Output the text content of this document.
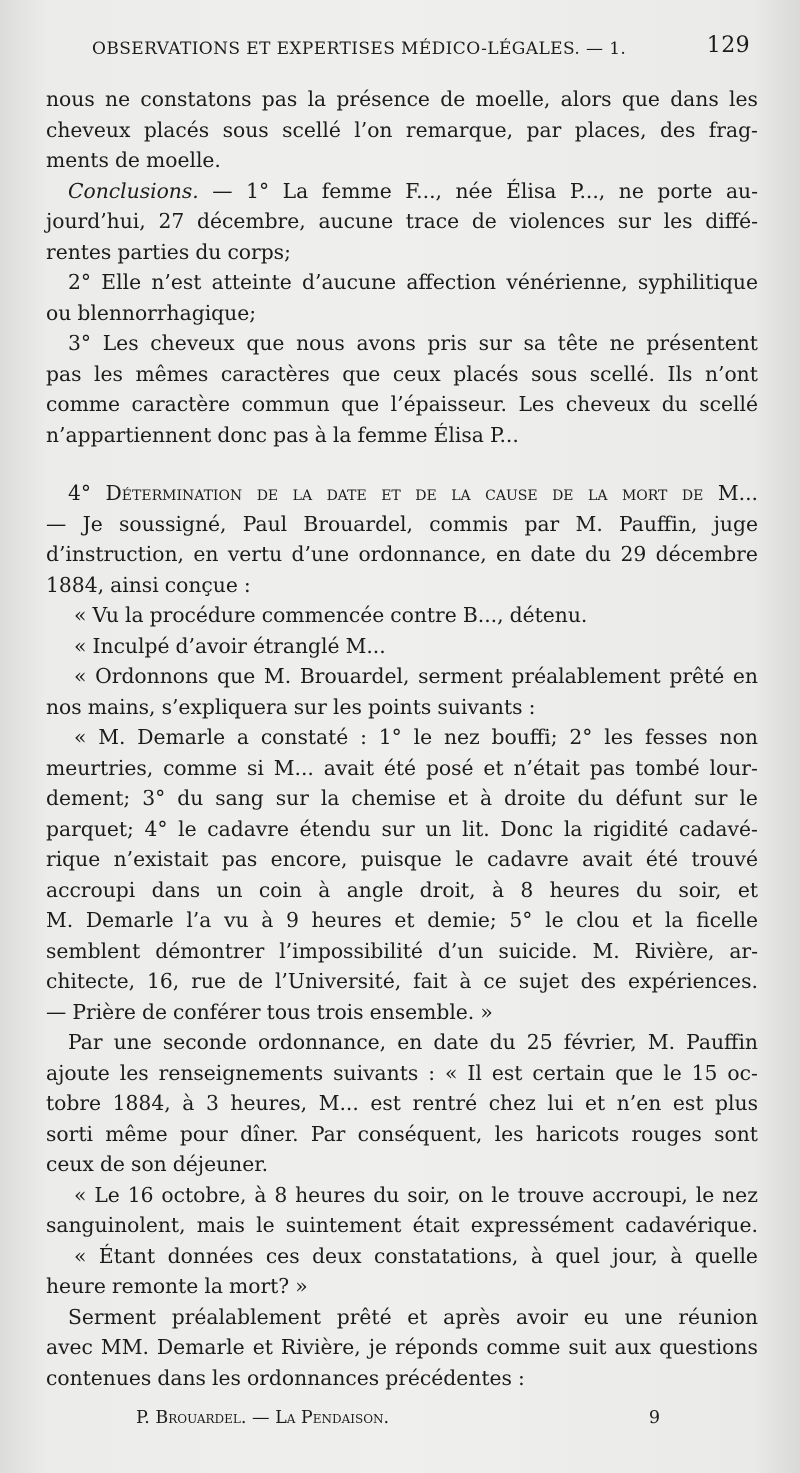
OBSERVATIONS ET EXPERTISES MÉDICO-LÉGALES. — 1.	129
nous ne constatons pas la présence de moelle, alors que dans les
cheveux placés sous scellé l’on remarque, par places, des frag-
ments de moelle.
Conclusions. — 1° La femme F..., née Élisa P..., ne porte au-
jourd’hui, 27 décembre, aucune trace de violences sur les diffé-
rentes parties du corps;
2° Elle n’est atteinte d’aucune affection vénérienne, syphilitique
ou blennorrhagique;
3° Les cheveux que nous avons pris sur sa tête ne présentent
pas les mêmes caractères que ceux placés sous scellé. Ils n’ont
comme caractère commun que l’épaisseur. Les cheveux du scellé
n’appartiennent donc pas à la femme Élisa P...
4° Détermination de la date et de la cause de la mort de M...
— Je soussigné, Paul Brouardel, commis par M. Pauffin, juge
d’instruction, en vertu d’une ordonnance, en date du 29 décembre
1884, ainsi conçue :
« Vu la procédure commencée contre B..., détenu.
« Inculpé d’avoir étranglé M...
« Ordonnons que M. Brouardel, serment préalablement prêté en
nos mains, s’expliquera sur les points suivants :
« M. Demarle a constaté : 1° le nez bouffi; 2° les fesses non
meurtries, comme si M... avait été posé et n’était pas tombé lour-
dement; 3° du sang sur la chemise et à droite du défunt sur le
parquet; 4° le cadavre étendu sur un lit. Donc la rigidité cadavé-
rique n’existait pas encore, puisque le cadavre avait été trouvé
accroupi dans un coin à angle droit, à 8 heures du soir, et
M. Demarle l’a vu à 9 heures et demie; 5° le clou et la ficelle
semblent démontrer l’impossibilité d’un suicide. M. Rivière, ar-
chitecte, 16, rue de l’Université, fait à ce sujet des expériences.
— Prière de conférer tous trois ensemble. »
Par une seconde ordonnance, en date du 25 février, M. Pauffin
ajoute les renseignements suivants : « Il est certain que le 15 oc-
tobre 1884, à 3 heures, M... est rentré chez lui et n’en est plus
sorti même pour dîner. Par conséquent, les haricots rouges sont
ceux de son déjeuner.
« Le 16 octobre, à 8 heures du soir, on le trouve accroupi, le nez
sanguinolent, mais le suintement était expressément cadavérique.
« Étant données ces deux constatations, à quel jour, à quelle
heure remonte la mort? »
Serment préalablement prêté et après avoir eu une réunion
avec MM. Demarle et Rivière, je réponds comme suit aux questions
contenues dans les ordonnances précédentes :
P. Brouardel. — La Pendaison.	9
